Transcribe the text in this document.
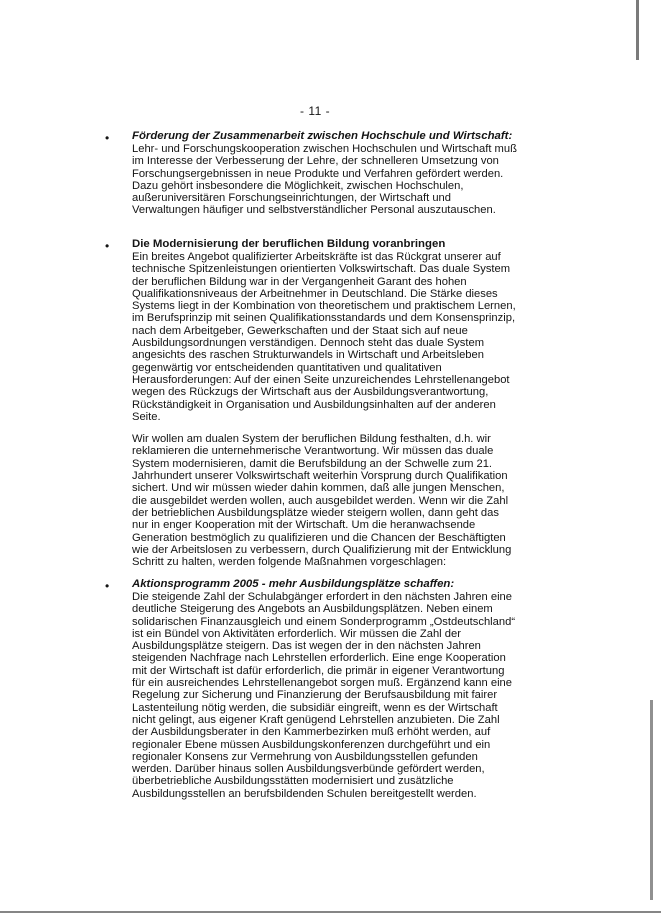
- 11 -
• Förderung der Zusammenarbeit zwischen Hochschule und Wirtschaft:

Lehr- und Forschungskooperation zwischen Hochschulen und Wirtschaft muß im Interesse der Verbesserung der Lehre, der schnelleren Umsetzung von Forschungsergebnissen in neue Produkte und Verfahren gefördert werden. Dazu gehört insbesondere die Möglichkeit, zwischen Hochschulen, außeruniversitären Forschungseinrichtungen, der Wirtschaft und Verwaltungen häufiger und selbstverständlicher Personal auszutauschen.

• Die Modernisierung der beruflichen Bildung voranbringen

Ein breites Angebot qualifizierter Arbeitskräfte ist das Rückgrat unserer auf technische Spitzenleistungen orientierten Volkswirtschaft. Das duale System der beruflichen Bildung war in der Vergangenheit Garant des hohen Qualifikationsniveaus der Arbeitnehmer in Deutschland. Die Stärke dieses Systems liegt in der Kombination von theoretischem und praktischem Lernen, im Berufsprinzip mit seinen Qualifikationsstandards und dem Konsensprinzip, nach dem Arbeitgeber, Gewerkschaften und der Staat sich auf neue Ausbildungsordnungen verständigen. Dennoch steht das duale System angesichts des raschen Strukturwandels in Wirtschaft und Arbeitsleben gegenwärtig vor entscheidenden quantitativen und qualitativen Herausforderungen: Auf der einen Seite unzureichendes Lehrstellenangebot wegen des Rückzugs der Wirtschaft aus der Ausbildungsverantwortung, Rückständigkeit in Organisation und Ausbildungsinhalten auf der anderen Seite.

Wir wollen am dualen System der beruflichen Bildung festhalten, d.h. wir reklamieren die unternehmerische Verantwortung. Wir müssen das duale System modernisieren, damit die Berufsbildung an der Schwelle zum 21. Jahrhundert unserer Volkswirtschaft weiterhin Vorsprung durch Qualifikation sichert. Und wir müssen wieder dahin kommen, daß alle jungen Menschen, die ausgebildet werden wollen, auch ausgebildet werden. Wenn wir die Zahl der betrieblichen Ausbildungsplätze wieder steigern wollen, dann geht das nur in enger Kooperation mit der Wirtschaft. Um die heranwachsende Generation bestmöglich zu qualifizieren und die Chancen der Beschäftigten wie der Arbeitslosen zu verbessern, durch Qualifizierung mit der Entwicklung Schritt zu halten, werden folgende Maßnahmen vorgeschlagen:

• Aktionsprogramm 2005 - mehr Ausbildungsplätze schaffen:

Die steigende Zahl der Schulabgänger erfordert in den nächsten Jahren eine deutliche Steigerung des Angebots an Ausbildungsplätzen. Neben einem solidarischen Finanzausgleich und einem Sonderprogramm „Ostdeutschland“ ist ein Bündel von Aktivitäten erforderlich. Wir müssen die Zahl der Ausbildungsplätze steigern. Das ist wegen der in den nächsten Jahren steigenden Nachfrage nach Lehrstellen erforderlich. Eine enge Kooperation mit der Wirtschaft ist dafür erforderlich, die primär in eigener Verantwortung für ein ausreichendes Lehrstellenangebot sorgen muß. Ergänzend kann eine Regelung zur Sicherung und Finanzierung der Berufsausbildung mit fairer Lastenteilung nötig werden, die subsidiär eingreift, wenn es der Wirtschaft nicht gelingt, aus eigener Kraft genügend Lehrstellen anzubieten. Die Zahl der Ausbildungsberater in den Kammerbezirken muß erhöht werden, auf regionaler Ebene müssen Ausbildungskonferenzen durchgeführt und ein regionaler Konsens zur Vermehrung von Ausbildungsstellen gefunden werden. Darüber hinaus sollen Ausbildungsverbünde gefördert werden, überbetriebliche Ausbildungsstätten modernisiert und zusätzliche Ausbildungsstellen an berufsbildenden Schulen bereitgestellt werden.
